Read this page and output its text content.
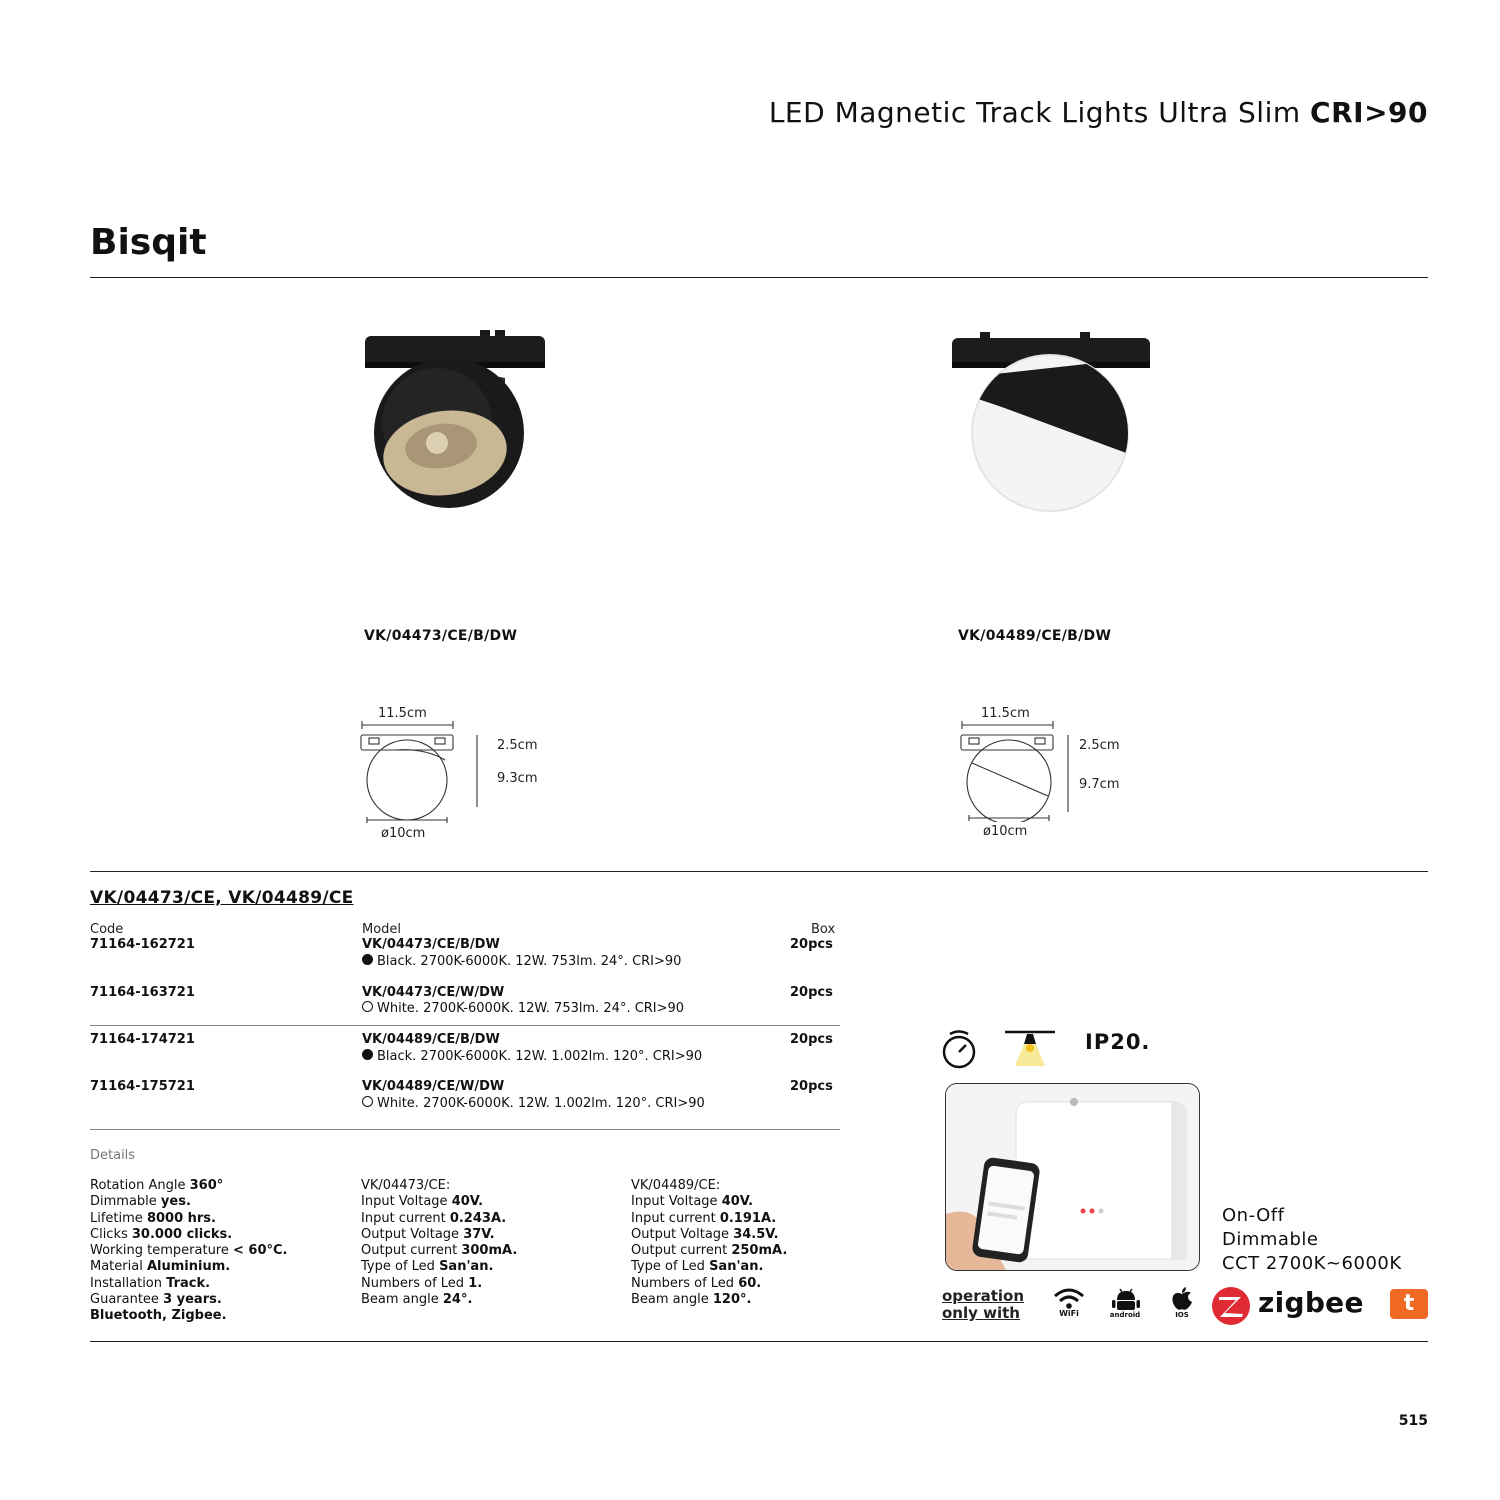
LED Magnetic Track Lights Ultra Slim CRI>90
Bisqit
VK/04473/CE/B/DW	VK/04489/CE/B/DW
11.5cm
2.5cm
9.3cm
ø10cm
11.5cm
2.5cm
9.7cm
ø10cm
VK/04473/CE, VK/04489/CE
Code	Model	Box
71164-162721	VK/04473/CE/B/DW	20pcs
Black. 2700K-6000K. 12W. 753lm. 24°. CRI>90
71164-163721	VK/04473/CE/W/DW	20pcs
White. 2700K-6000K. 12W. 753lm. 24°. CRI>90
71164-174721	VK/04489/CE/B/DW	20pcs
Black. 2700K-6000K. 12W. 1.002lm. 120°. CRI>90
71164-175721	VK/04489/CE/W/DW	20pcs
White. 2700K-6000K. 12W. 1.002lm. 120°. CRI>90
Details
Rotation Angle 360°
Dimmable yes.
Lifetime 8000 hrs.
Clicks 30.000 clicks.
Working temperature < 60°C.
Material Aluminium.
Installation Track.
Guarantee 3 years.
Bluetooth, Zigbee.
VK/04473/CE:
Input Voltage 40V.
Input current 0.243A.
Output Voltage 37V.
Output current 300mA.
Type of Led San'an.
Numbers of Led 1.
Beam angle 24°.
VK/04489/CE:
Input Voltage 40V.
Input current 0.191A.
Output Voltage 34.5V.
Output current 250mA.
Type of Led San'an.
Numbers of Led 60.
Beam angle 120°.
IP20.
On-Off
Dimmable
CCT 2700K~6000K
operation
only with	WiFi	android	IOS zigbee	t
515
